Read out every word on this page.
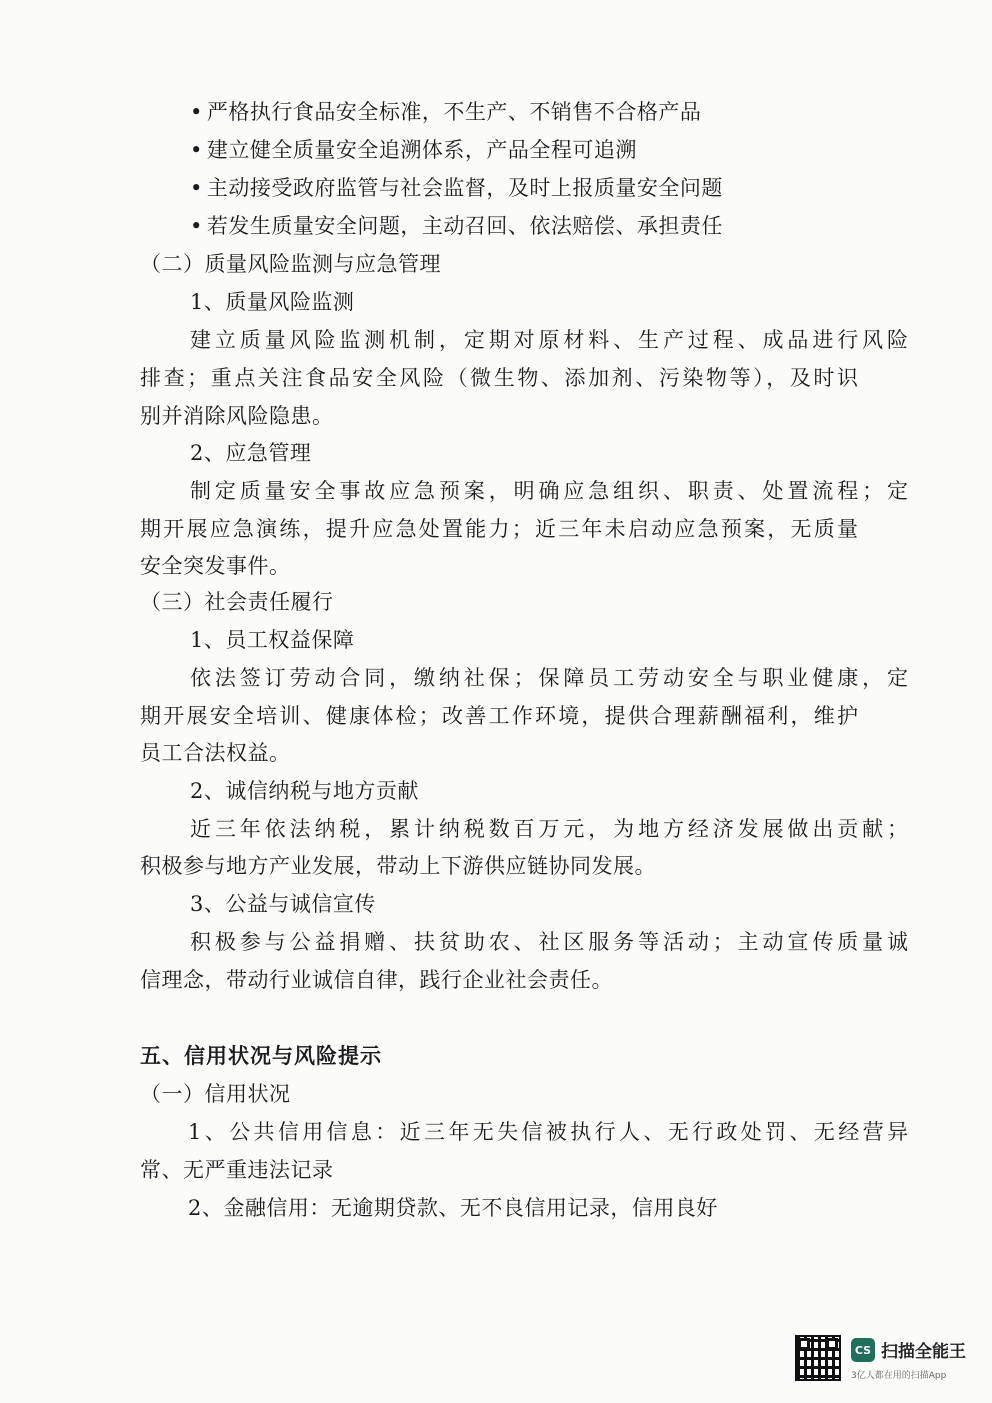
• 严格执行食品安全标准，不生产、不销售不合格产品
• 建立健全质量安全追溯体系，产品全程可追溯
• 主动接受政府监管与社会监督，及时上报质量安全问题
• 若发生质量安全问题，主动召回、依法赔偿、承担责任
（二）质量风险监测与应急管理
1、质量风险监测
建立质量风险监测机制，定期对原材料、生产过程、成品进行风险
排查；重点关注食品安全风险（微生物、添加剂、污染物等），及时识
别并消除风险隐患。
2、应急管理
制定质量安全事故应急预案，明确应急组织、职责、处置流程；定
期开展应急演练，提升应急处置能力；近三年未启动应急预案，无质量
安全突发事件。
（三）社会责任履行
1、员工权益保障
依法签订劳动合同，缴纳社保；保障员工劳动安全与职业健康，定
期开展安全培训、健康体检；改善工作环境，提供合理薪酬福利，维护
员工合法权益。
2、诚信纳税与地方贡献
近三年依法纳税，累计纳税数百万元，为地方经济发展做出贡献；
积极参与地方产业发展，带动上下游供应链协同发展。
3、公益与诚信宣传
积极参与公益捐赠、扶贫助农、社区服务等活动；主动宣传质量诚
信理念，带动行业诚信自律，践行企业社会责任。
五、信用状况与风险提示
（一）信用状况
1、公共信用信息：近三年无失信被执行人、无行政处罚、无经营异
常、无严重违法记录
2、金融信用：无逾期贷款、无不良信用记录，信用良好
CS 扫描全能王
3亿人都在用的扫描App
